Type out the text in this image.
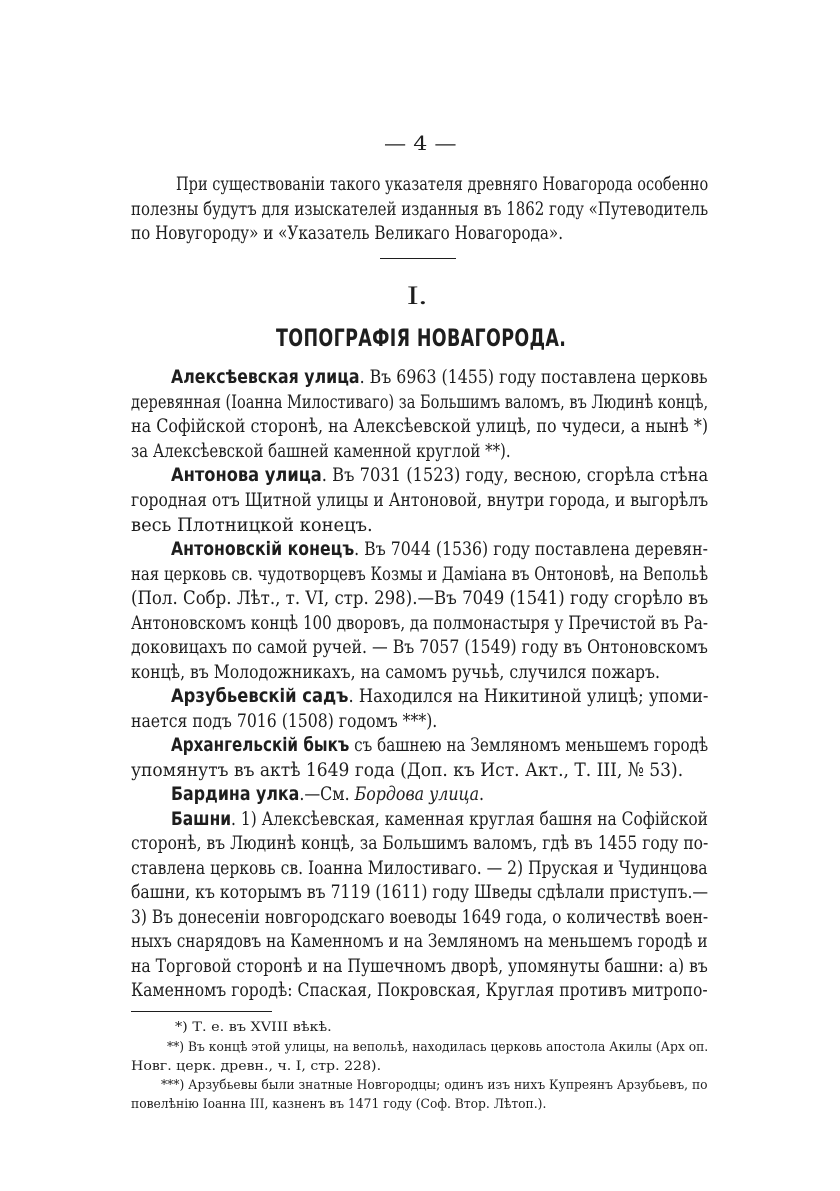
— 4 —
При существованіи такого указателя древняго Новагорода особенно
полезны будутъ для изыскателей изданныя въ 1862 году «Путеводитель
по Новугороду» и «Указатель Великаго Новагорода».
I.
ТОПОГРАФІЯ НОВАГОРОДА.
Алексѣевская улица. Въ 6963 (1455) году поставлена церковь
деревянная (Іоанна Милостиваго) за Большимъ валомъ, въ Людинѣ концѣ,
на Софійской сторонѣ, на Алексѣевской улицѣ, по чудеси, а нынѣ *)
за Алексѣевской башней каменной круглой **).
Антонова улица. Въ 7031 (1523) году, весною, сгорѣла стѣна
городная отъ Щитной улицы и Антоновой, внутри города, и выгорѣлъ
весь Плотницкой конецъ.
Антоновскій конецъ. Въ 7044 (1536) году поставлена деревян-
ная церковь св. чудотворцевъ Козмы и Даміана въ Онтоновѣ, на Вепольѣ
(Пол. Собр. Лѣт., т. VI, стр. 298).—Въ 7049 (1541) году сгорѣло въ
Антоновскомъ концѣ 100 дворовъ, да полмонастыря у Пречистой въ Ра-
доковицахъ по самой ручей. — Въ 7057 (1549) году въ Онтоновскомъ
концѣ, въ Молодожникахъ, на самомъ ручьѣ, случился пожаръ.
Арзубьевскій садъ. Находился на Никитиной улицѣ; упоми-
нается подъ 7016 (1508) годомъ ***).
Архангельскій быкъ съ башнею на Земляномъ меньшемъ городѣ
упомянутъ въ актѣ 1649 года (Доп. къ Ист. Акт., Т. III, № 53).
Бардина улка.—См. Бордова улица.
Башни. 1) Алексѣевская, каменная круглая башня на Софійской
сторонѣ, въ Людинѣ концѣ, за Большимъ валомъ, гдѣ въ 1455 году по-
ставлена церковь св. Іоанна Милостиваго. — 2) Пруская и Чудинцова
башни, къ которымъ въ 7119 (1611) году Шведы сдѣлали приступъ.—
3) Въ донесеніи новгородскаго воеводы 1649 года, о количествѣ воен-
ныхъ снарядовъ на Каменномъ и на Земляномъ на меньшемъ городѣ и
на Торговой сторонѣ и на Пушечномъ дворѣ, упомянуты башни: а) въ
Каменномъ городѣ: Спаская, Покровская, Круглая противъ митропо-
*) Т. е. въ XVIII вѣкѣ.
**) Въ концѣ этой улицы, на вепольѣ, находилась церковь апостола Акилы (Арх оп.
Новг. церк. древн., ч. I, стр. 228).
***) Арзубьевы были знатные Новгородцы; одинъ изъ нихъ Купреянъ Арзубьевъ, по
повелѣнію Іоанна III, казненъ въ 1471 году (Соф. Втор. Лѣтоп.).
